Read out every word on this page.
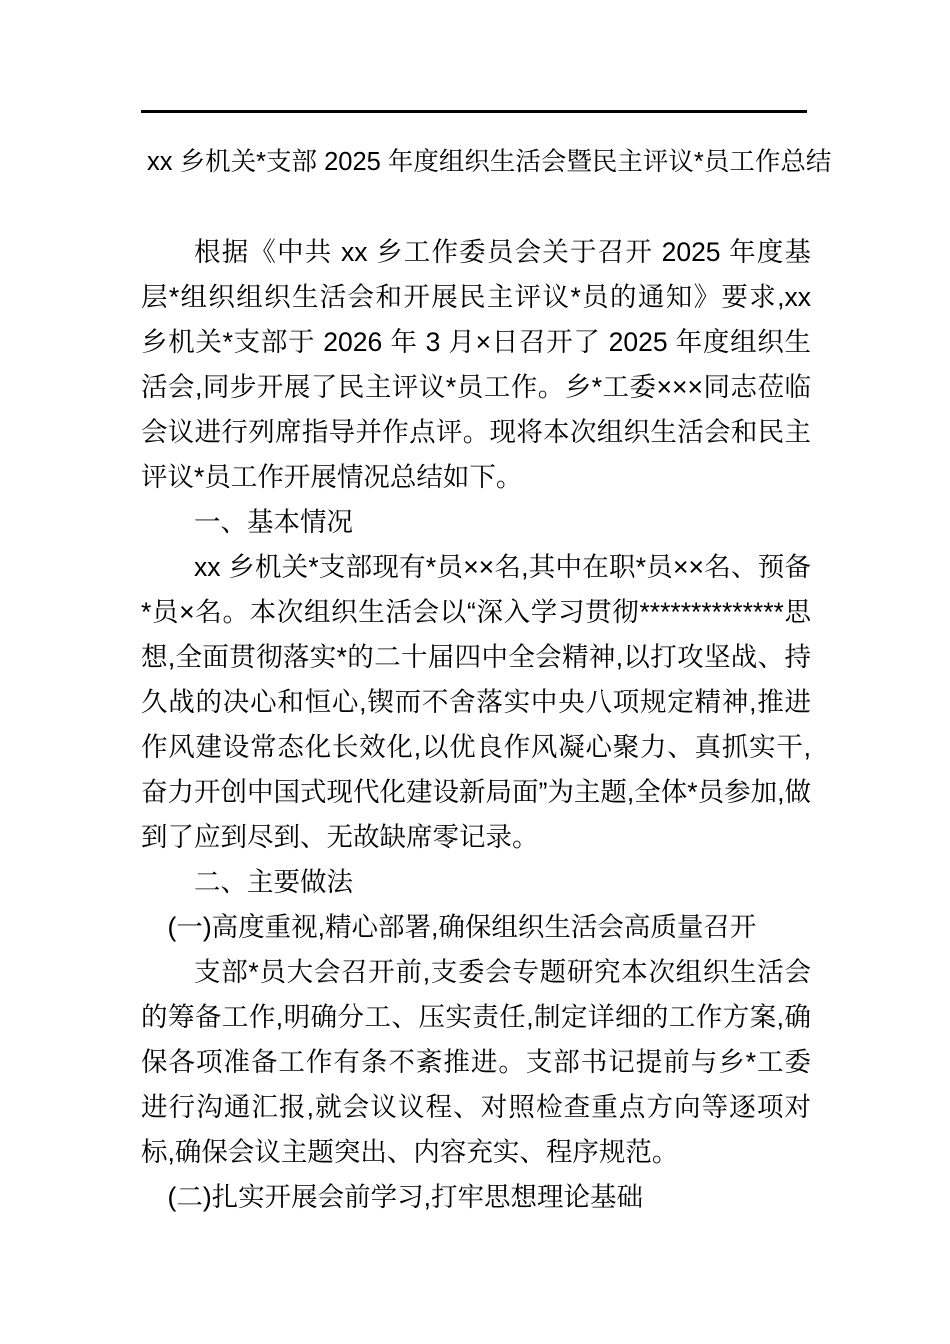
xx 乡机关*支部 2025 年度组织生活会暨民主评议*员工作总结

根据《中共 xx 乡工作委员会关于召开 2025 年度基层*组织组织生活会和开展民主评议*员的通知》要求,xx 乡机关*支部于 2026 年 3 月×日召开了 2025 年度组织生活会,同步开展了民主评议*员工作。乡*工委×××同志莅临会议进行列席指导并作点评。现将本次组织生活会和民主评议*员工作开展情况总结如下。

一、基本情况

xx 乡机关*支部现有*员××名,其中在职*员××名、预备*员×名。本次组织生活会以“深入学习贯彻**************思想,全面贯彻落实*的二十届四中全会精神,以打攻坚战、持久战的决心和恒心,锲而不舍落实中央八项规定精神,推进作风建设常态化长效化,以优良作风凝心聚力、真抓实干,奋力开创中国式现代化建设新局面”为主题,全体*员参加,做到了应到尽到、无故缺席零记录。

二、主要做法

(一)高度重视,精心部署,确保组织生活会高质量召开

支部*员大会召开前,支委会专题研究本次组织生活会的筹备工作,明确分工、压实责任,制定详细的工作方案,确保各项准备工作有条不紊推进。支部书记提前与乡*工委进行沟通汇报,就会议议程、对照检查重点方向等逐项对标,确保会议主题突出、内容充实、程序规范。

(二)扎实开展会前学习,打牢思想理论基础
